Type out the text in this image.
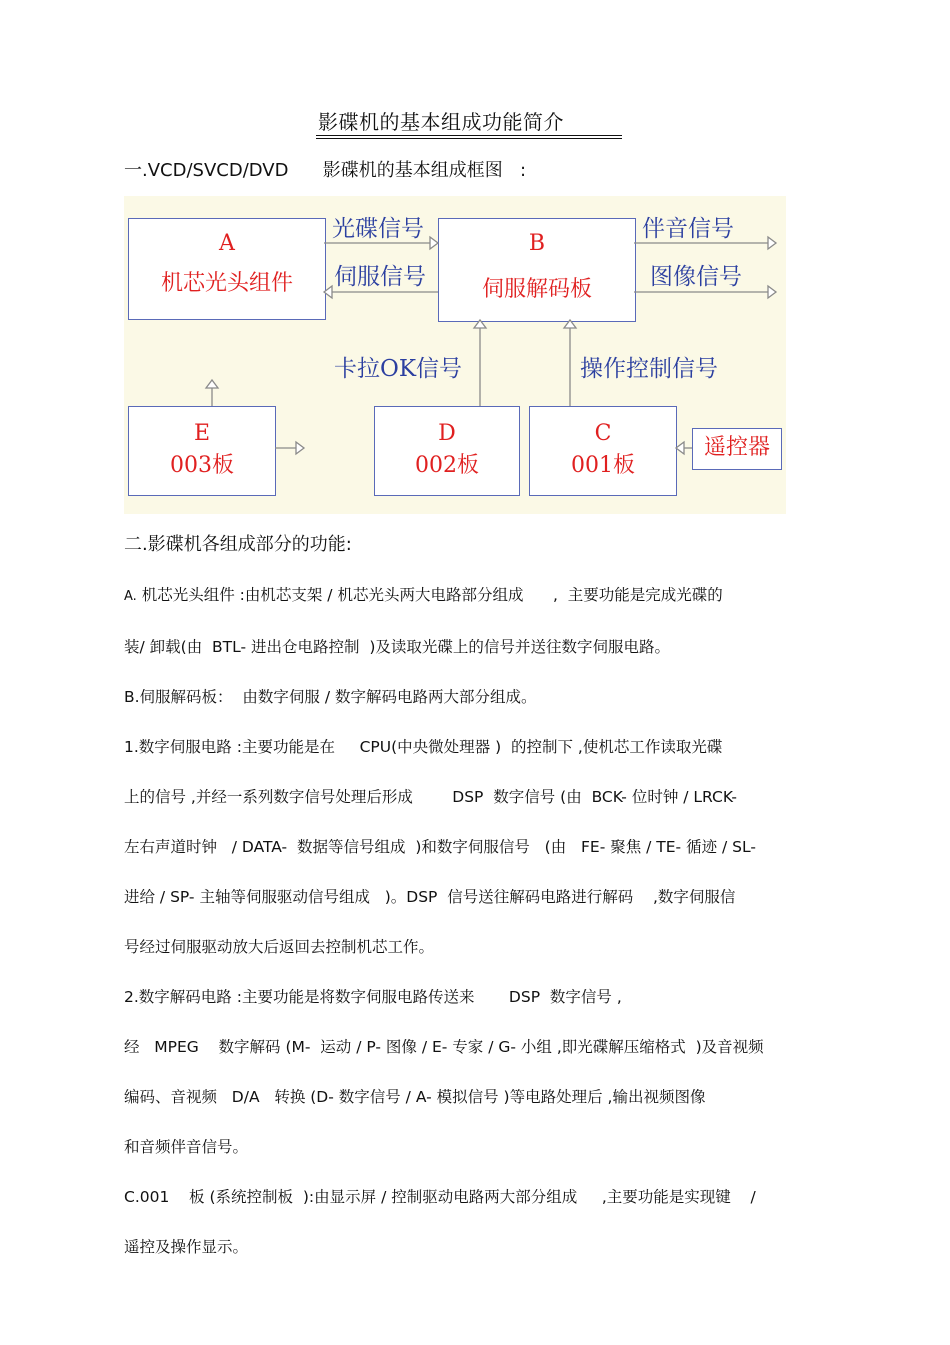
影碟机的基本组成功能简介
一.VCD/SVCD/DVD      影碟机的基本组成框图   :
A
机芯光头组件
B
伺服解码板
E
003板
D
002板
C
001板
遥控器
光碟信号
伺服信号
伴音信号
图像信号
卡拉OK信号	操作控制信号
二.影碟机各组成部分的功能:

A. 机芯光头组件 :由机芯支架 / 机芯光头两大电路部分组成      ,  主要功能是完成光碟的

装/ 卸载(由  BTL- 进出仓电路控制  )及读取光碟上的信号并送往数字伺服电路。

B.伺服解码板：  由数字伺服 / 数字解码电路两大部分组成。

1.数字伺服电路 :主要功能是在     CPU(中央微处理器 )  的控制下 ,使机芯工作读取光碟

上的信号 ,并经一系列数字信号处理后形成        DSP  数字信号 (由  BCK- 位时钟 / LRCK-

左右声道时钟   / DATA-  数据等信号组成  )和数字伺服信号   (由   FE- 聚焦 / TE- 循迹 / SL-

进给 / SP- 主轴等伺服驱动信号组成   )。DSP  信号送往解码电路进行解码    ,数字伺服信

号经过伺服驱动放大后返回去控制机芯工作。

2.数字解码电路 :主要功能是将数字伺服电路传送来       DSP  数字信号 ,

经   MPEG    数字解码 (M-  运动 / P- 图像 / E- 专家 / G- 小组 ,即光碟解压缩格式  )及音视频

编码、音视频   D/A   转换 (D- 数字信号 / A- 模拟信号 )等电路处理后 ,输出视频图像

和音频伴音信号。

C.001    板 (系统控制板  ):由显示屏 / 控制驱动电路两大部分组成     ,主要功能是实现键    /

遥控及操作显示。
